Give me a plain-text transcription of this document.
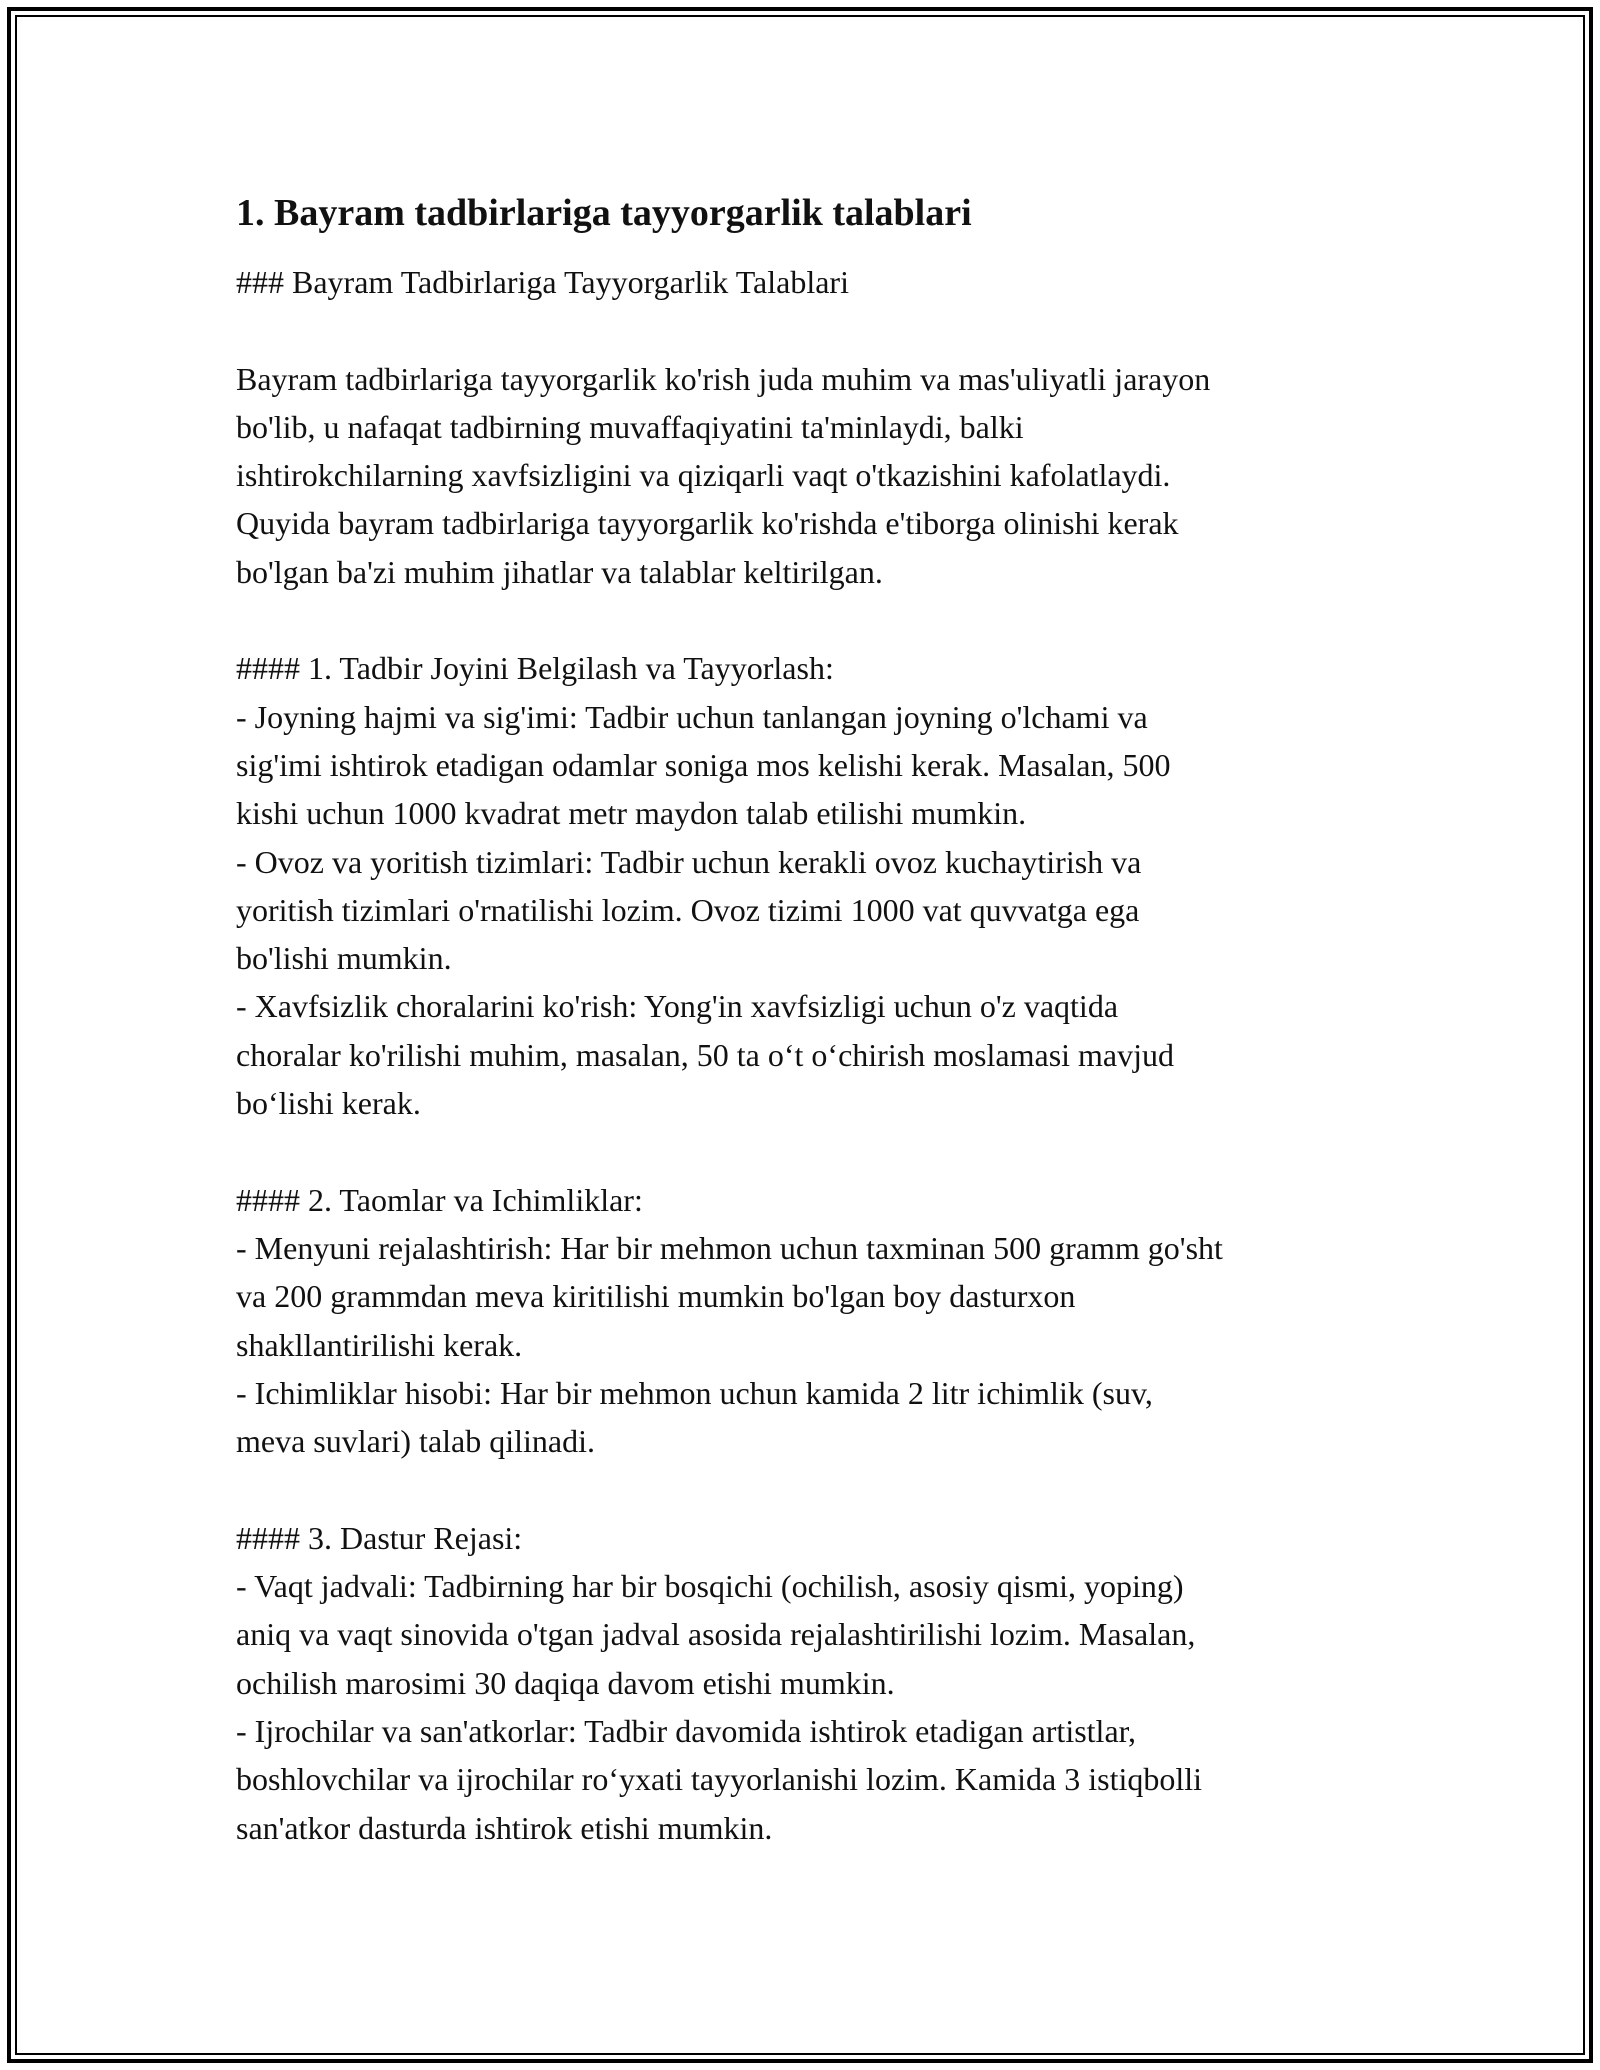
1. Bayram tadbirlariga tayyorgarlik talablari

### Bayram Tadbirlariga Tayyorgarlik Talablari

Bayram tadbirlariga tayyorgarlik ko'rish juda muhim va mas'uliyatli jarayon

bo'lib, u nafaqat tadbirning muvaffaqiyatini ta'minlaydi, balki

ishtirokchilarning xavfsizligini va qiziqarli vaqt o'tkazishini kafolatlaydi.

Quyida bayram tadbirlariga tayyorgarlik ko'rishda e'tiborga olinishi kerak

bo'lgan ba'zi muhim jihatlar va talablar keltirilgan.

#### 1. Tadbir Joyini Belgilash va Tayyorlash:

- Joyning hajmi va sig'imi: Tadbir uchun tanlangan joyning o'lchami va

sig'imi ishtirok etadigan odamlar soniga mos kelishi kerak. Masalan, 500

kishi uchun 1000 kvadrat metr maydon talab etilishi mumkin.

- Ovoz va yoritish tizimlari: Tadbir uchun kerakli ovoz kuchaytirish va

yoritish tizimlari o'rnatilishi lozim. Ovoz tizimi 1000 vat quvvatga ega

bo'lishi mumkin.

- Xavfsizlik choralarini ko'rish: Yong'in xavfsizligi uchun o'z vaqtida

choralar ko'rilishi muhim, masalan, 50 ta o‘t o‘chirish moslamasi mavjud

bo‘lishi kerak.

#### 2. Taomlar va Ichimliklar:

- Menyuni rejalashtirish: Har bir mehmon uchun taxminan 500 gramm go'sht

va 200 grammdan meva kiritilishi mumkin bo'lgan boy dasturxon

shakllantirilishi kerak.

- Ichimliklar hisobi: Har bir mehmon uchun kamida 2 litr ichimlik (suv,

meva suvlari) talab qilinadi.

#### 3. Dastur Rejasi:

- Vaqt jadvali: Tadbirning har bir bosqichi (ochilish, asosiy qismi, yoping)

aniq va vaqt sinovida o'tgan jadval asosida rejalashtirilishi lozim. Masalan,

ochilish marosimi 30 daqiqa davom etishi mumkin.

- Ijrochilar va san'atkorlar: Tadbir davomida ishtirok etadigan artistlar,

boshlovchilar va ijrochilar ro‘yxati tayyorlanishi lozim. Kamida 3 istiqbolli

san'atkor dasturda ishtirok etishi mumkin.
